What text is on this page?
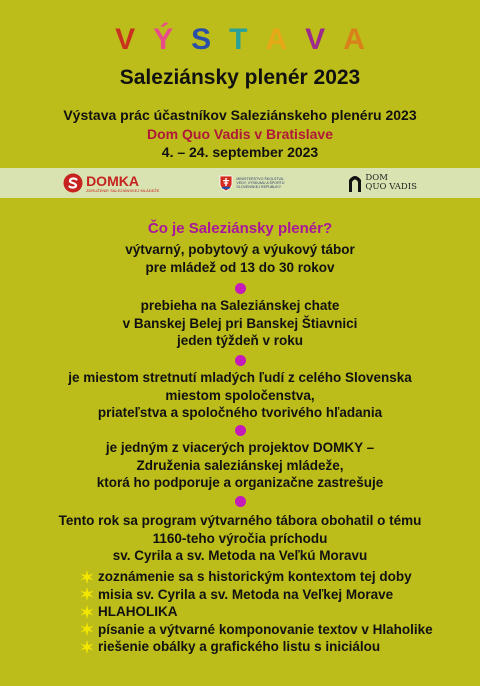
VÝSTAVA
Saleziánsky plenér 2023
Výstava prác účastníkov Saleziánskeho plenéru 2023
Dom Quo Vadis v Bratislave
4. – 24. september 2023
DOMKA
ZDRUŽENIE SALEZIÁNSKEJ MLÁDEŽE
MINISTERSTVO ŠKOLSTVA, VEDY, VÝSKUMU A ŠPORTU SLOVENSKEJ REPUBLIKY
DOM
QUO VADIS
Čo je Saleziánsky plenér?
výtvarný, pobytový a výukový tábor
pre mládež od 13 do 30 rokov
prebieha na Saleziánskej chate
v Banskej Belej pri Banskej Štiavnici
jeden týždeň v roku
je miestom stretnutí mladých ľudí z celého Slovenska
miestom spoločenstva,
priateľstva a spoločného tvorivého hľadania
je jedným z viacerých projektov DOMKY –
Združenia saleziánskej mládeže,
ktorá ho podporuje a organizačne zastrešuje
Tento rok sa program výtvarného tábora obohatil o tému
1160-teho výročia príchodu
sv. Cyrila a sv. Metoda na Veľkú Moravu
zoznámenie sa s historickým kontextom tej doby
misia sv. Cyrila a sv. Metoda na Veľkej Morave
HLAHOLIKA
písanie a výtvarné komponovanie textov v Hlaholike
riešenie obálky a grafického listu s iniciálou
